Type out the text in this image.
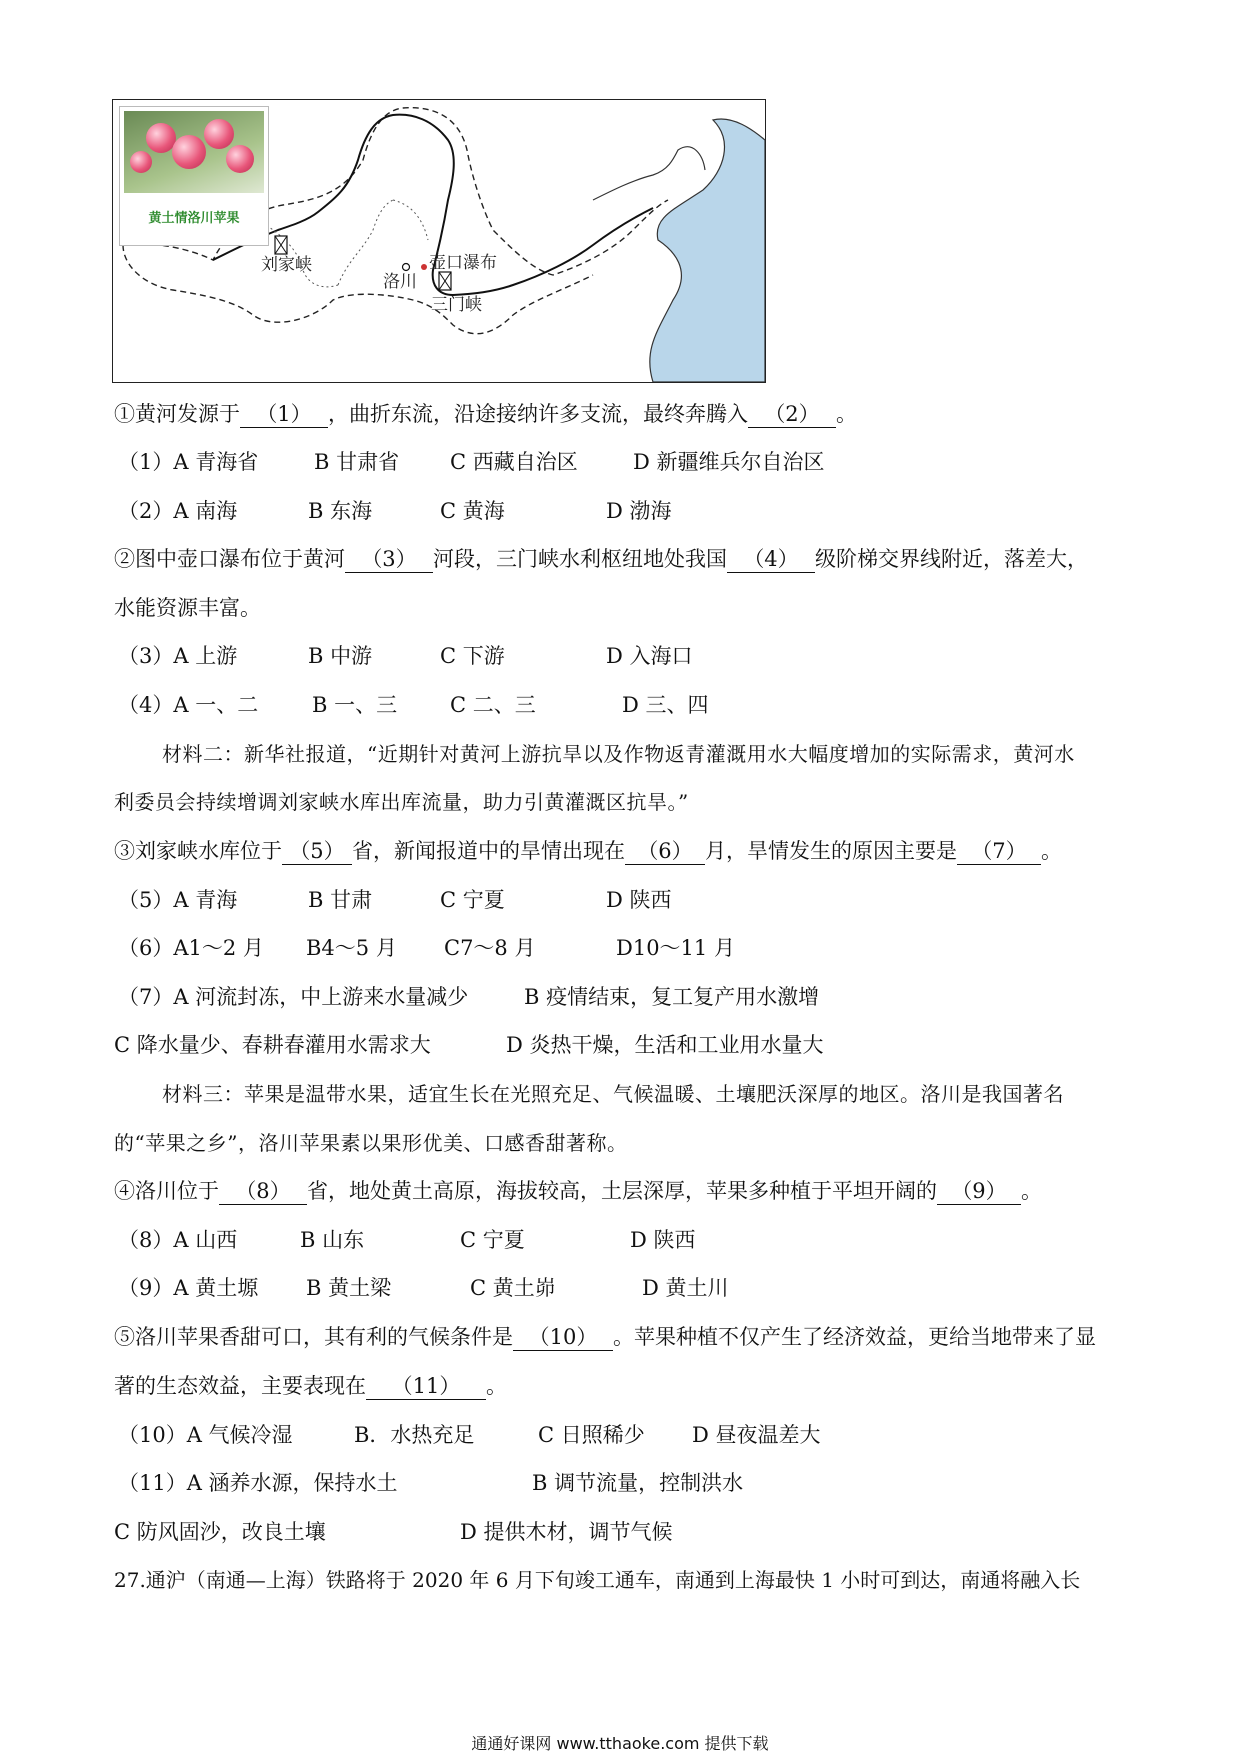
黄土情洛川苹果
刘家峡	壶口瀑布
洛川
三门峡
①黄河发源于 （1） ，曲折东流，沿途接纳许多支流，最终奔腾入 （2） 。
（1）A 青海省	B 甘肃省 C 西藏自治区	D 新疆维兵尔自治区
（2）A 南海	B 东海	C 黄海	D 渤海
②图中壶口瀑布位于黄河 （3） 河段，三门峡水利枢纽地处我国 （4） 级阶梯交界线附近，落差大，
水能资源丰富。
（3）A 上游	B 中游	C 下游	D 入海口
（4）A 一、二	B 一、三	C 二、三	D 三、四
材料二：新华社报道，“近期针对黄河上游抗旱以及作物返青灌溉用水大幅度增加的实际需求，黄河水
利委员会持续增调刘家峡水库出库流量，助力引黄灌溉区抗旱。”
③刘家峡水库位于 （5） 省，新闻报道中的旱情出现在 （6） 月，旱情发生的原因主要是 （7） 。
（5）A 青海	B 甘肃	C 宁夏	D 陕西
（6）A1～2 月 B4～5 月 C7～8 月	D10～11 月
（7）A 河流封冻，中上游来水量减少	B 疫情结束，复工复产用水激增
C 降水量少、春耕春灌用水需求大	D 炎热干燥，生活和工业用水量大
材料三：苹果是温带水果，适宜生长在光照充足、气候温暖、土壤肥沃深厚的地区。洛川是我国著名
的“苹果之乡”，洛川苹果素以果形优美、口感香甜著称。
④洛川位于 （8） 省，地处黄土高原，海拔较高，土层深厚，苹果多种植于平坦开阔的 （9） 。
（8）A 山西	B 山东	C 宁夏	D 陕西
（9）A 黄土塬 B 黄土梁	C 黄土峁	D 黄土川
⑤洛川苹果香甜可口，其有利的气候条件是 （10） 。苹果种植不仅产生了经济效益，更给当地带来了显
著的生态效益，主要表现在 （11） 。
（10）A 气候冷湿	B．水热充足	C 日照稀少 D 昼夜温差大
（11）A 涵养水源，保持水土	B 调节流量，控制洪水
C 防风固沙，改良土壤	D 提供木材，调节气候
27.通沪（南通—上海）铁路将于 2020 年 6 月下旬竣工通车，南通到上海最快 1 小时可到达，南通将融入长
通通好课网 www.tthaoke.com 提供下载
